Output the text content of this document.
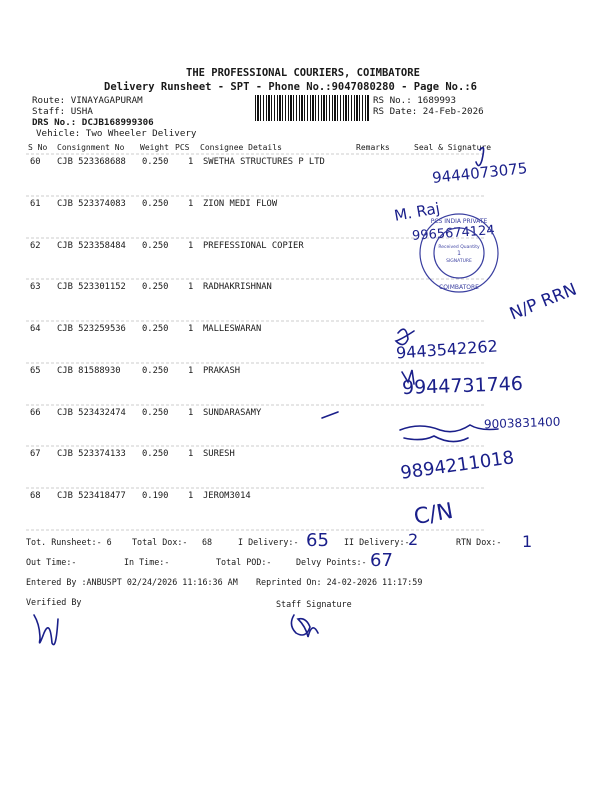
THE PROFESSIONAL COURIERS, COIMBATORE
Delivery Runsheet - SPT - Phone No.:9047080280 - Page No.:6
Route: VINAYAGAPURAM
Staff: USHA
DRS No.: DCJB168999306
Vehicle: Two Wheeler Delivery
RS No.: 1689993
RS Date: 24-Feb-2026
S No Consignment No Weight PCS Consignee Details	Remarks	Seal & Signature
60 CJB 523368688 0.250 1 SWETHA STRUCTURES P LTD
61 CJB 523374083 0.250 1 ZION MEDI FLOW
62 CJB 523358484 0.250 1 PREFESSIONAL COPIER
63 CJB 523301152 0.250 1 RADHAKRISHNAN
64 CJB 523259536 0.250 1 MALLESWARAN
65 CJB 81588930 0.250 1 PRAKASH
66 CJB 523432474 0.250 1 SUNDARASAMY
67 CJB 523374133 0.250 1 SURESH
68 CJB 523418477 0.190 1 JEROM3014
9444073075
M. Raj
9965674124
N/P RRN
9443542262
9944731746
9003831400
9894211018
C/N
PCS INDIA PRIVATE
COIMBATORE
Received Quantity
1
SIGNATURE
Tot. Runsheet:- 6 Total Dox:- 68	I Delivery:- 65 II Delivery:-
2	RTN Dox:- 1
Out Time:-	In Time:-	Total POD:-	Delvy Points:- 67
Entered By :ANBUSPT 02/24/2026 11:16:36 AM Reprinted On: 24-02-2026 11:17:59
Verified By	Staff Signature
